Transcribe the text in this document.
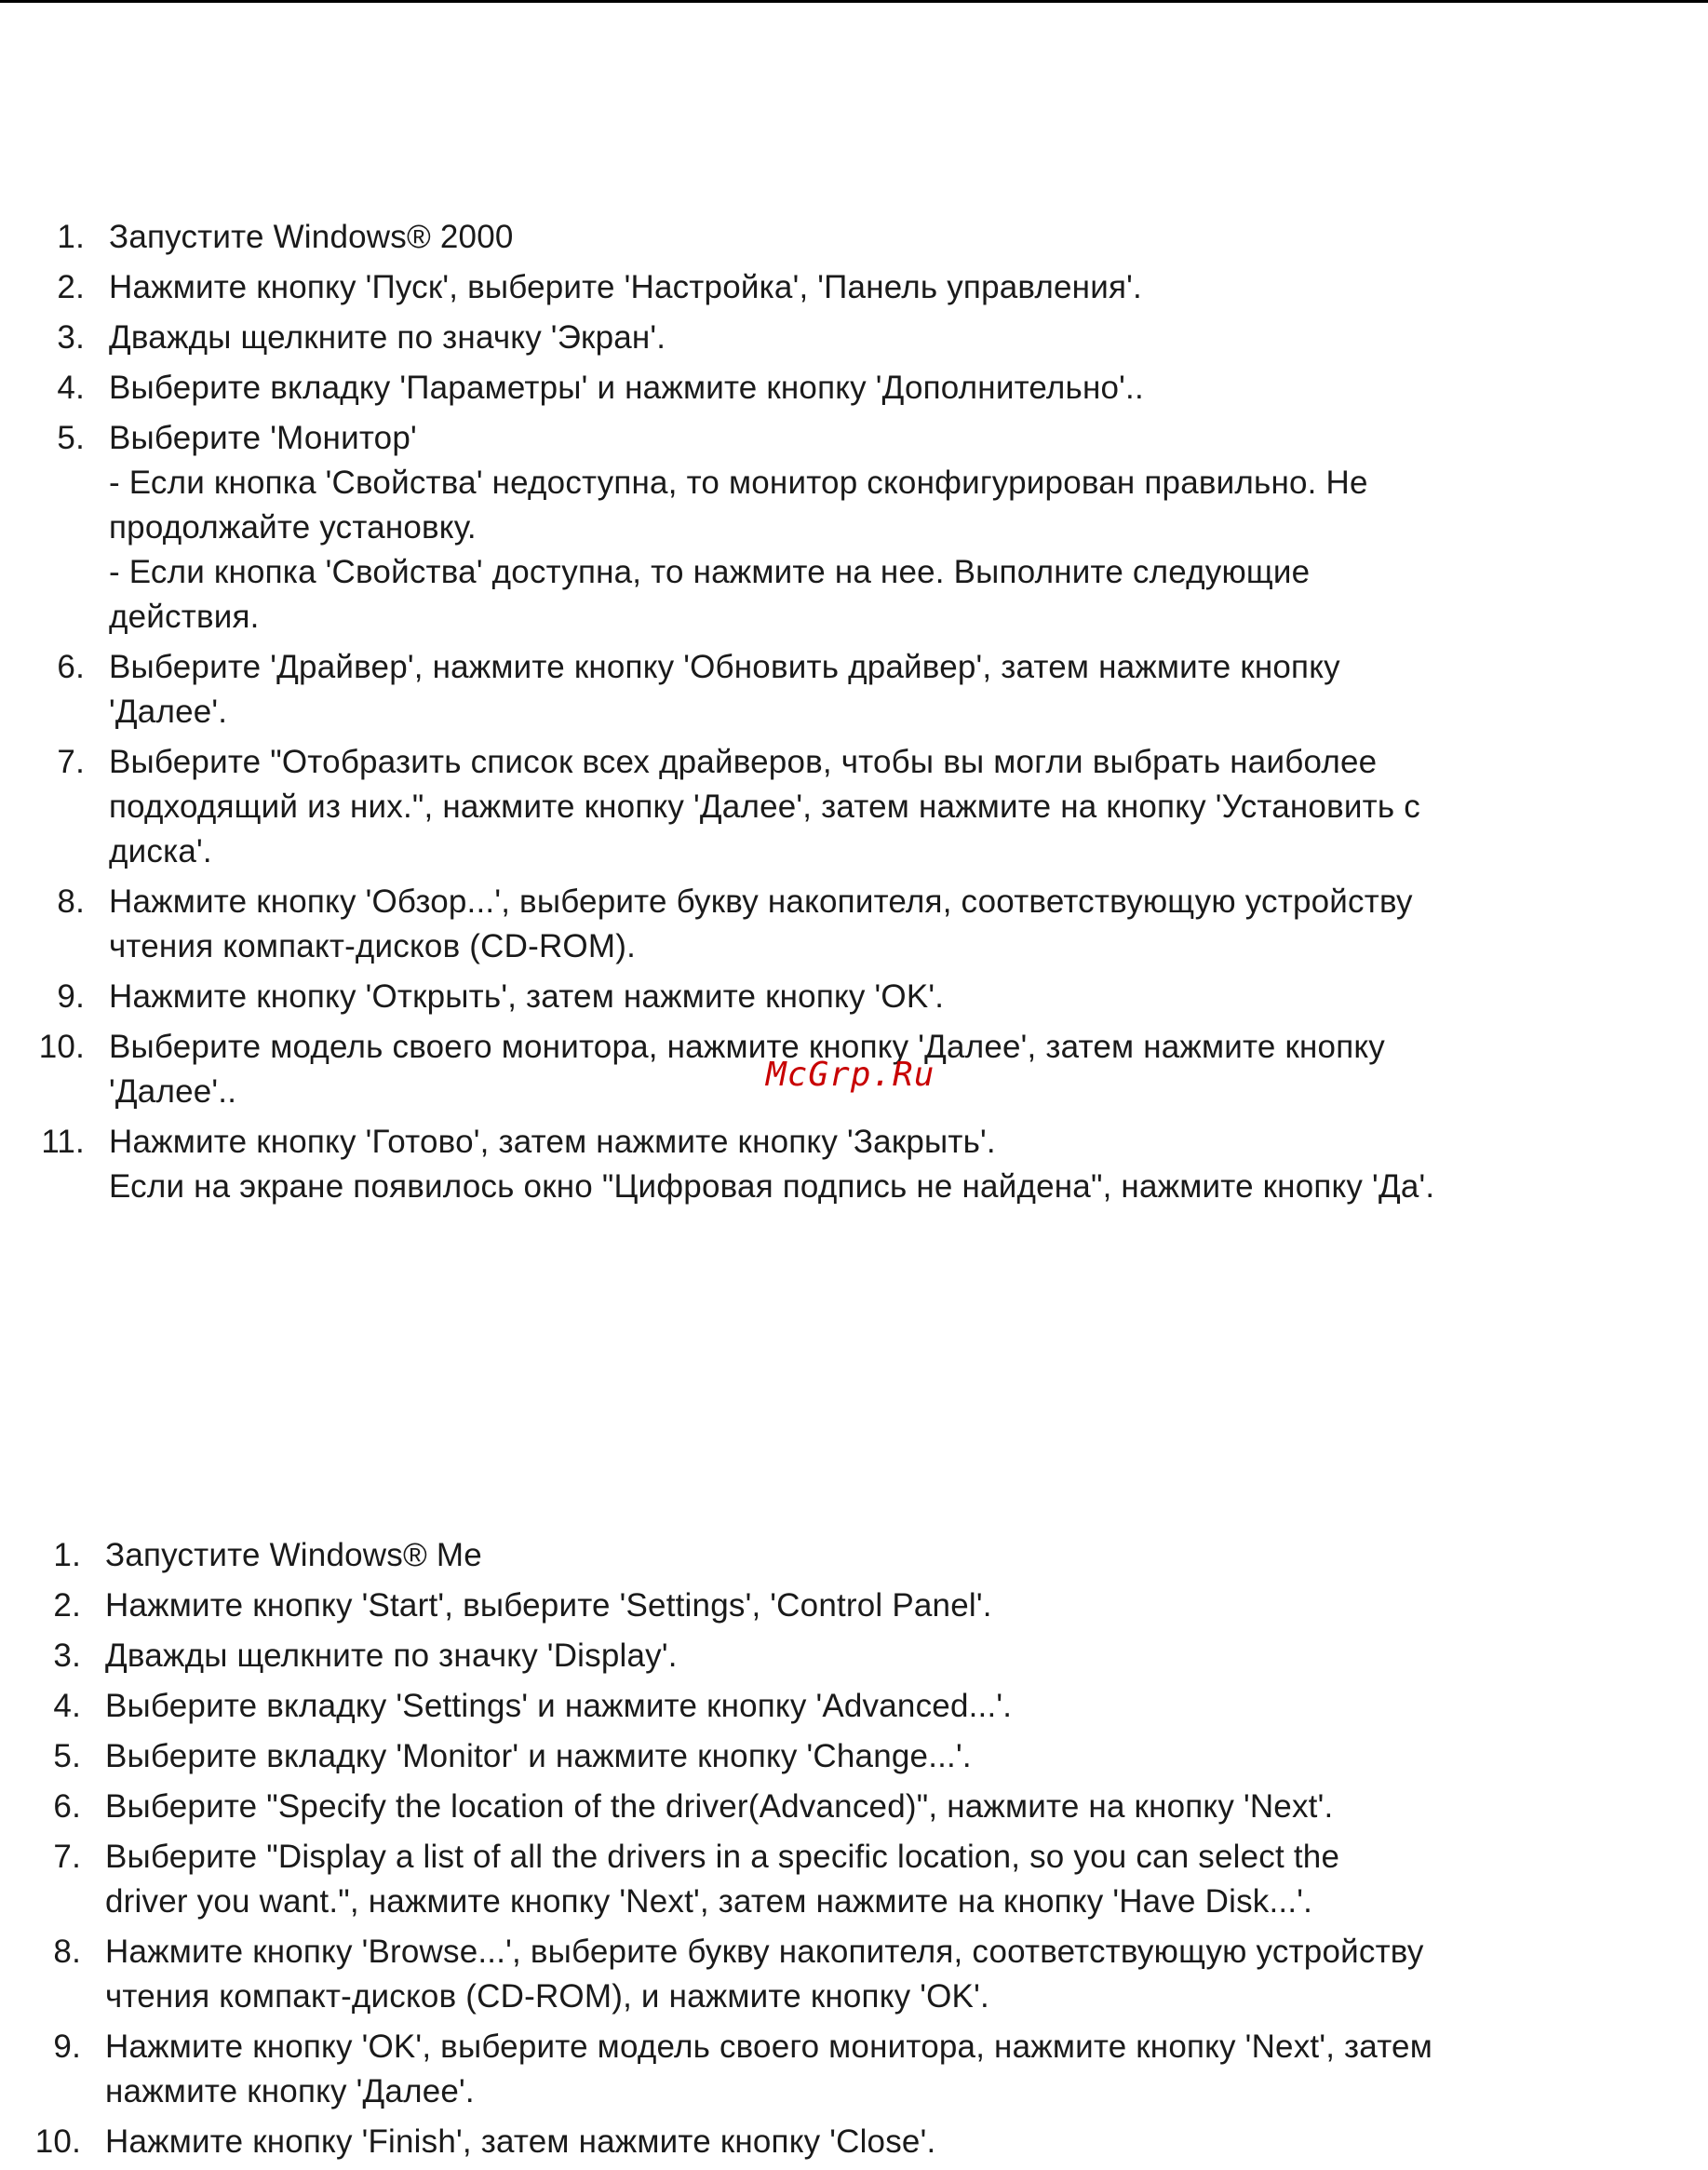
1. Запустите Windows® 2000
2. Нажмите кнопку 'Пуск', выберите 'Настройка', 'Панель управления'.
3. Дважды щелкните по значку 'Экран'.
4. Выберите вкладку 'Параметры' и нажмите кнопку 'Дополнительно'..
5. Выберите 'Монитор'
- Если кнопка 'Свойства' недоступна, то монитор сконфигурирован правильно. Не
продолжайте установку.
- Если кнопка 'Свойства' доступна, то нажмите на нее. Выполните следующие
действия.
6. Выберите 'Драйвер', нажмите кнопку 'Обновить драйвер', затем нажмите кнопку
'Далее'.
7. Выберите "Отобразить список всех драйверов, чтобы вы могли выбрать наиболее
подходящий из них.", нажмите кнопку 'Далее', затем нажмите на кнопку 'Установить с
диска'.
8. Нажмите кнопку 'Обзор...', выберите букву накопителя, соответствующую устройству
чтения компакт-дисков (CD-ROM).
9. Нажмите кнопку 'Открыть', затем нажмите кнопку 'OK'.
10. Выберите модель своего монитора, нажмите кнопку 'Далее', затем нажмите кнопку
'Далее'..
11. Нажмите кнопку 'Готово', затем нажмите кнопку 'Закрыть'.
Если на экране появилось окно "Цифровая подпись не найдена", нажмите кнопку 'Да'.
1. Запустите Windows® Me
2. Нажмите кнопку 'Start', выберите 'Settings', 'Control Panel'.
3. Дважды щелкните по значку 'Display'.
4. Выберите вкладку 'Settings' и нажмите кнопку 'Advanced...'.
5. Выберите вкладку 'Monitor' и нажмите кнопку 'Change...'.
6. Выберите "Specify the location of the driver(Advanced)", нажмите на кнопку 'Next'.
7. Выберите "Display a list of all the drivers in a specific location, so you can select the
driver you want.", нажмите кнопку 'Next', затем нажмите на кнопку 'Have Disk...'.
8. Нажмите кнопку 'Browse...', выберите букву накопителя, соответствующую устройству
чтения компакт-дисков (CD-ROM), и нажмите кнопку 'OK'.
9. Нажмите кнопку 'OK', выберите модель своего монитора, нажмите кнопку 'Next', затем
нажмите кнопку 'Далее'.
10. Нажмите кнопку 'Finish', затем нажмите кнопку 'Close'.
McGrp.Ru
